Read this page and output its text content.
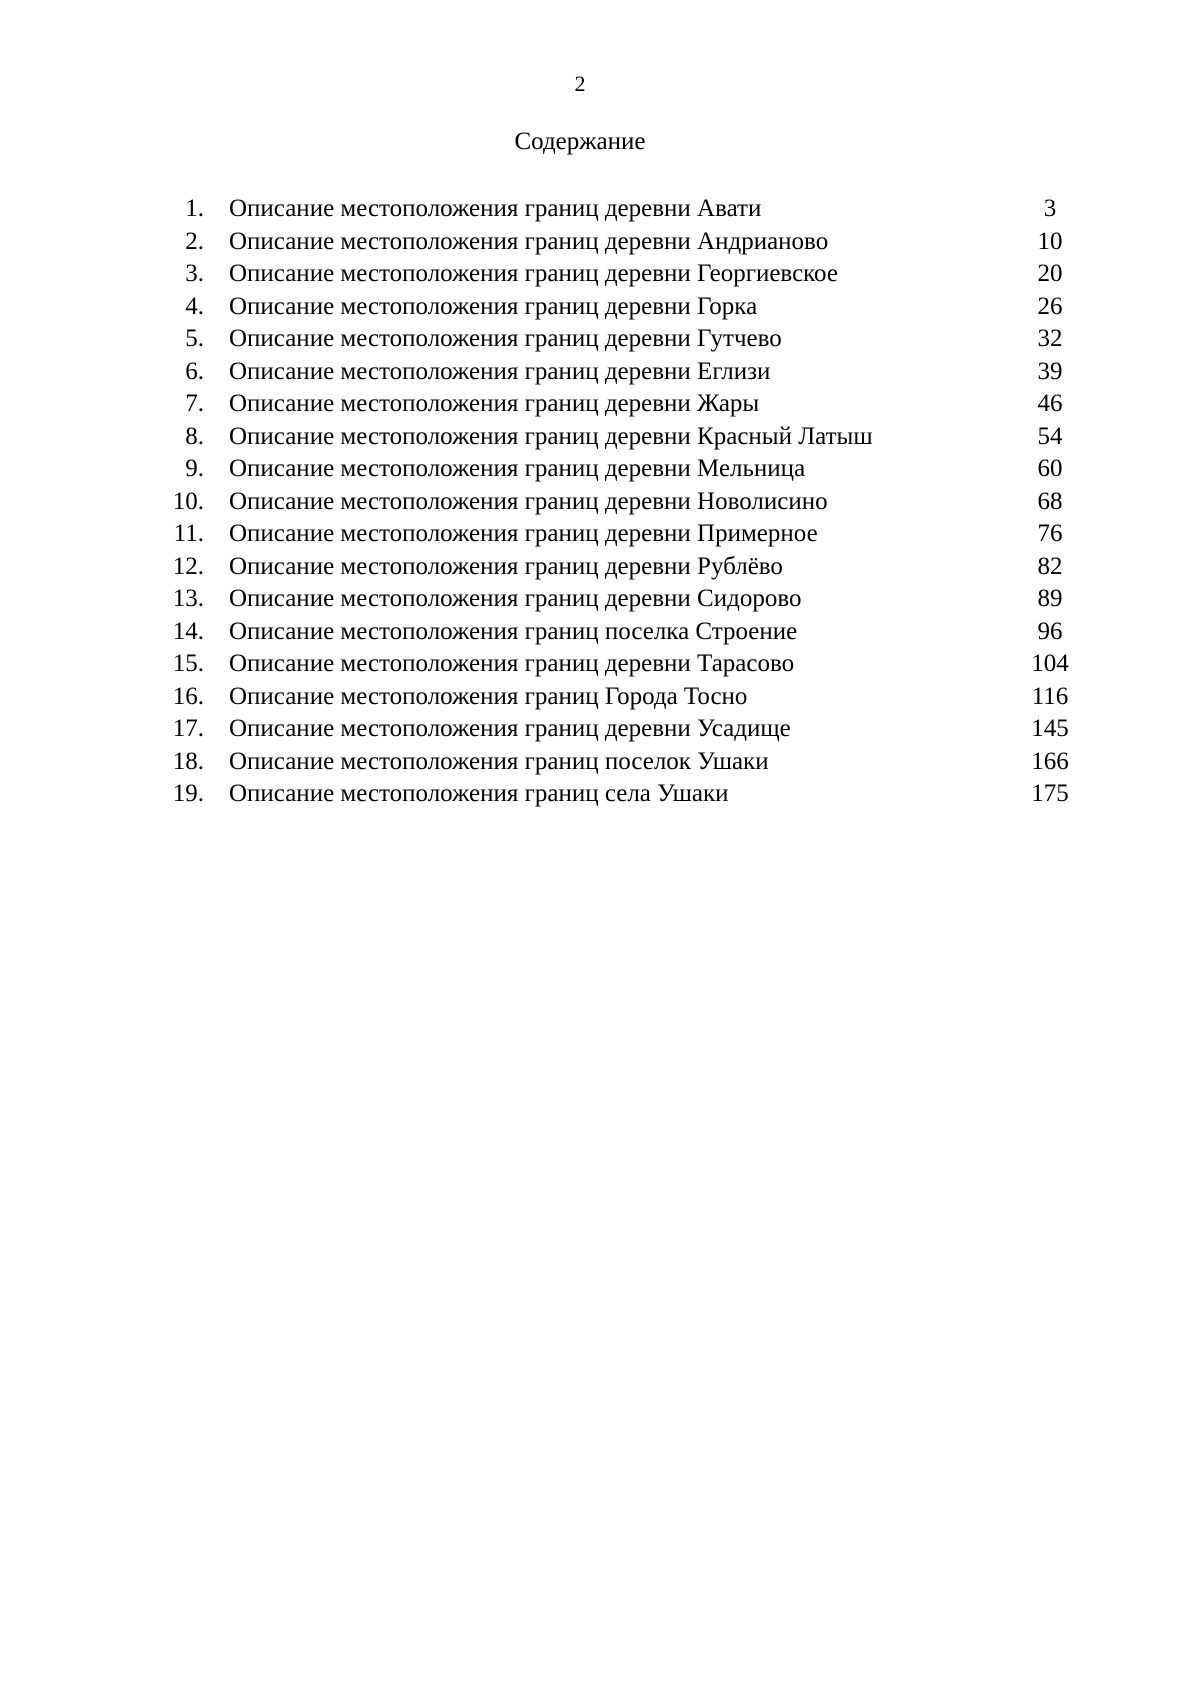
2
Содержание
1. Описание местоположения границ деревни Авати	3
2. Описание местоположения границ деревни Андрианово	10
3. Описание местоположения границ деревни Георгиевское	20
4. Описание местоположения границ деревни Горка	26
5. Описание местоположения границ деревни Гутчево	32
6. Описание местоположения границ деревни Еглизи	39
7. Описание местоположения границ деревни Жары	46
8. Описание местоположения границ деревни Красный Латыш	54
9. Описание местоположения границ деревни Мельница	60
10. Описание местоположения границ деревни Новолисино	68
11. Описание местоположения границ деревни Примерное	76
12. Описание местоположения границ деревни Рублёво	82
13. Описание местоположения границ деревни Сидорово	89
14. Описание местоположения границ поселка Строение	96
15. Описание местоположения границ деревни Тарасово	104
16. Описание местоположения границ Города Тосно	116
17. Описание местоположения границ деревни Усадище	145
18. Описание местоположения границ поселок Ушаки	166
19. Описание местоположения границ села Ушаки	175
